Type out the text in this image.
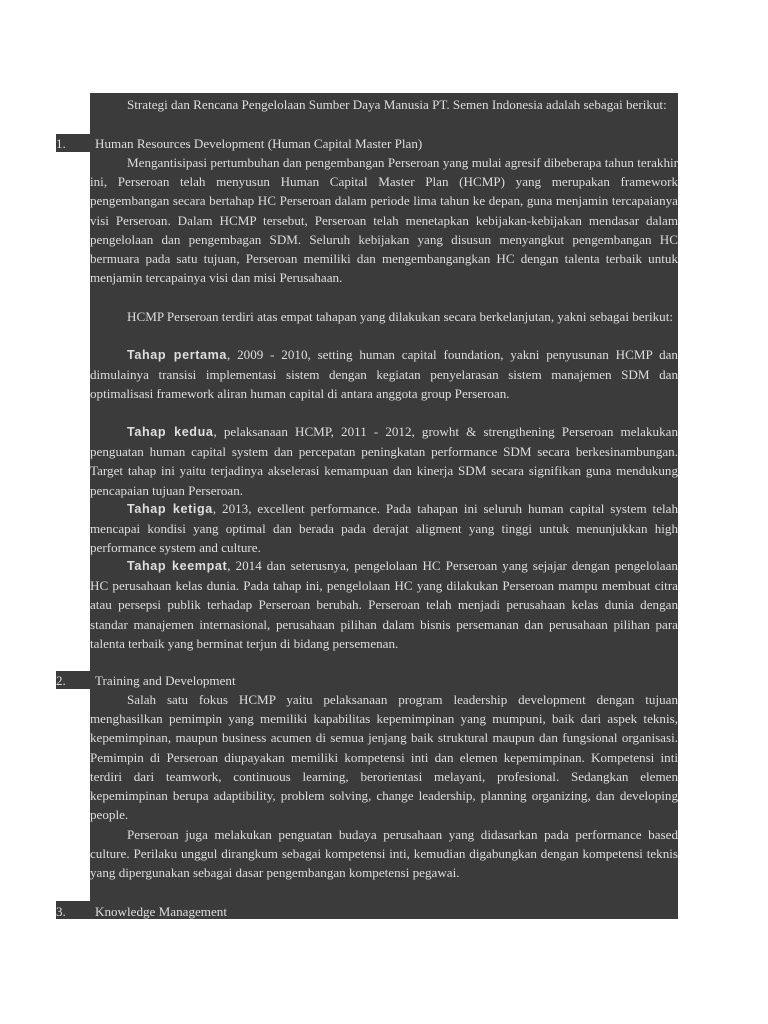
Strategi dan Rencana Pengelolaan Sumber Daya Manusia PT. Semen Indonesia adalah sebagai berikut:

1. Human Resources Development (Human Capital Master Plan)

Mengantisipasi pertumbuhan dan pengembangan Perseroan yang mulai agresif dibeberapa tahun terakhir ini, Perseroan telah menyusun Human Capital Master Plan (HCMP) yang merupakan framework pengembangan secara bertahap HC Perseroan dalam periode lima tahun ke depan, guna menjamin tercapaianya visi Perseroan. Dalam HCMP tersebut, Perseroan telah menetapkan kebijakan-kebijakan mendasar dalam pengelolaan dan pengembagan SDM. Seluruh kebijakan yang disusun menyangkut pengembangan HC bermuara pada satu tujuan, Perseroan memiliki dan mengembangangkan HC dengan talenta terbaik untuk menjamin tercapainya visi dan misi Perusahaan.

HCMP Perseroan terdiri atas empat tahapan yang dilakukan secara berkelanjutan, yakni sebagai berikut:

Tahap pertama, 2009 - 2010, setting human capital foundation, yakni penyusunan HCMP dan dimulainya transisi implementasi sistem dengan kegiatan penyelarasan sistem manajemen SDM dan optimalisasi framework aliran human capital di antara anggota group Perseroan.

Tahap kedua, pelaksanaan HCMP, 2011 - 2012, growht & strengthening Perseroan melakukan penguatan human capital system dan percepatan peningkatan performance SDM secara berkesinambungan. Target tahap ini yaitu terjadinya akselerasi kemampuan dan kinerja SDM secara signifikan guna mendukung pencapaian tujuan Perseroan.

Tahap ketiga, 2013, excellent performance. Pada tahapan ini seluruh human capital system telah mencapai kondisi yang optimal dan berada pada derajat aligment yang tinggi untuk menunjukkan high performance system and culture.

Tahap keempat, 2014 dan seterusnya, pengelolaan HC Perseroan yang sejajar dengan pengelolaan HC perusahaan kelas dunia. Pada tahap ini, pengelolaan HC yang dilakukan Perseroan mampu membuat citra atau persepsi publik terhadap Perseroan berubah. Perseroan telah menjadi perusahaan kelas dunia dengan standar manajemen internasional, perusahaan pilihan dalam bisnis persemanan dan perusahaan pilihan para talenta terbaik yang berminat terjun di bidang persemenan.

2. Training and Development

Salah satu fokus HCMP yaitu pelaksanaan program leadership development dengan tujuan menghasilkan pemimpin yang memiliki kapabilitas kepemimpinan yang mumpuni, baik dari aspek teknis, kepemimpinan, maupun business acumen di semua jenjang baik struktural maupun dan fungsional organisasi. Pemimpin di Perseroan diupayakan memiliki kompetensi inti dan elemen kepemimpinan. Kompetensi inti terdiri dari teamwork, continuous learning, berorientasi melayani, profesional. Sedangkan elemen kepemimpinan berupa adaptibility, problem solving, change leadership, planning organizing, dan developing people.

Perseroan juga melakukan penguatan budaya perusahaan yang didasarkan pada performance based culture. Perilaku unggul dirangkum sebagai kompetensi inti, kemudian digabungkan dengan kompetensi teknis yang dipergunakan sebagai dasar pengembangan kompetensi pegawai.

3. Knowledge Management
